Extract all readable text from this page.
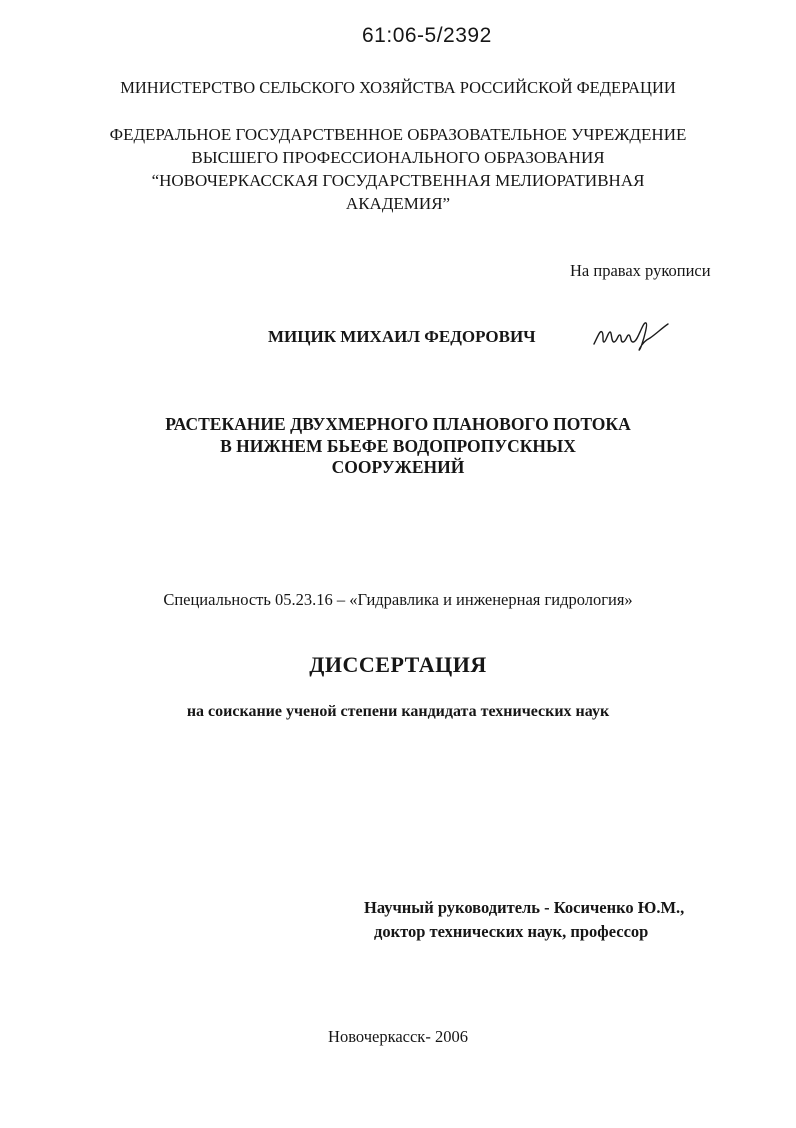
61:06-5/2392
МИНИСТЕРСТВО СЕЛЬСКОГО ХОЗЯЙСТВА РОССИЙСКОЙ ФЕДЕРАЦИИ
ФЕДЕРАЛЬНОЕ ГОСУДАРСТВЕННОЕ ОБРАЗОВАТЕЛЬНОЕ УЧРЕЖДЕНИЕ
ВЫСШЕГО ПРОФЕССИОНАЛЬНОГО ОБРАЗОВАНИЯ
“НОВОЧЕРКАССКАЯ ГОСУДАРСТВЕННАЯ МЕЛИОРАТИВНАЯ
АКАДЕМИЯ”
На правах рукописи
МИЦИК МИХАИЛ ФЕДОРОВИЧ
РАСТЕКАНИЕ ДВУХМЕРНОГО ПЛАНОВОГО ПОТОКА
В НИЖНЕМ БЬЕФЕ ВОДОПРОПУСКНЫХ
СООРУЖЕНИЙ
Специальность 05.23.16 – «Гидравлика и инженерная гидрология»
ДИССЕРТАЦИЯ
на соискание ученой степени кандидата технических наук
Научный руководитель - Косиченко Ю.М.,
доктор технических наук, профессор
Новочеркасск- 2006
